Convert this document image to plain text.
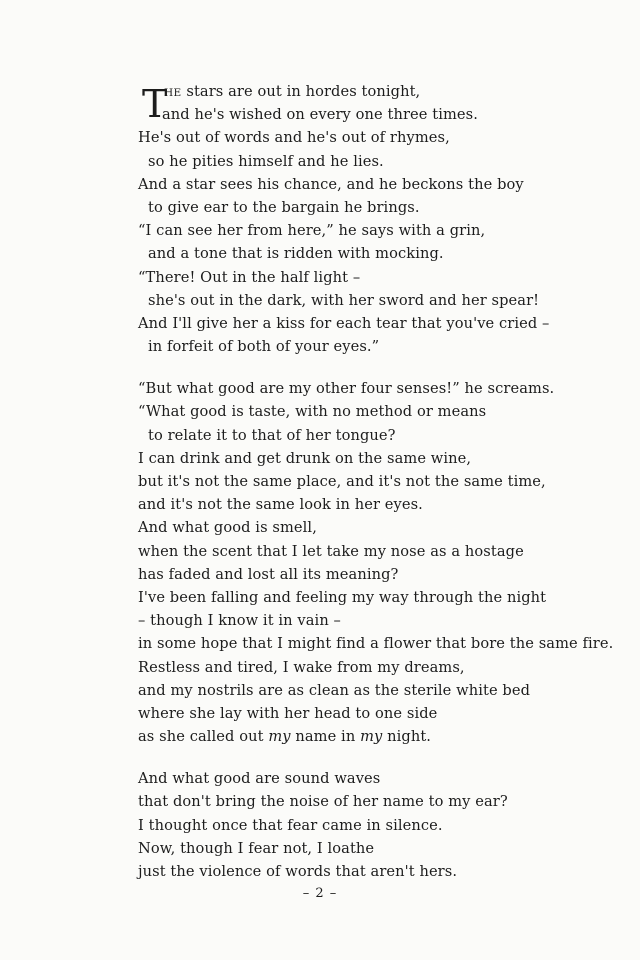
T
HE stars are out in hordes tonight,
and he's wished on every one three times.
He's out of words and he's out of rhymes,
so he pities himself and he lies.
And a star sees his chance, and he beckons the boy
to give ear to the bargain he brings.
“I can see her from here,” he says with a grin,
and a tone that is ridden with mocking.
“There! Out in the half light –
she's out in the dark, with her sword and her spear!
And I'll give her a kiss for each tear that you've cried –
in forfeit of both of your eyes.”
“But what good are my other four senses!” he screams.
“What good is taste, with no method or means
to relate it to that of her tongue?
I can drink and get drunk on the same wine,
but it's not the same place, and it's not the same time,
and it's not the same look in her eyes.
And what good is smell,
when the scent that I let take my nose as a hostage
has faded and lost all its meaning?
I've been falling and feeling my way through the night
– though I know it in vain –
in some hope that I might find a flower that bore the same fire.
Restless and tired, I wake from my dreams,
and my nostrils are as clean as the sterile white bed
where she lay with her head to one side
as she called out my name in my night.
And what good are sound waves
that don't bring the noise of her name to my ear?
I thought once that fear came in silence.
Now, though I fear not, I loathe
just the violence of words that aren't hers.
– 2 –
